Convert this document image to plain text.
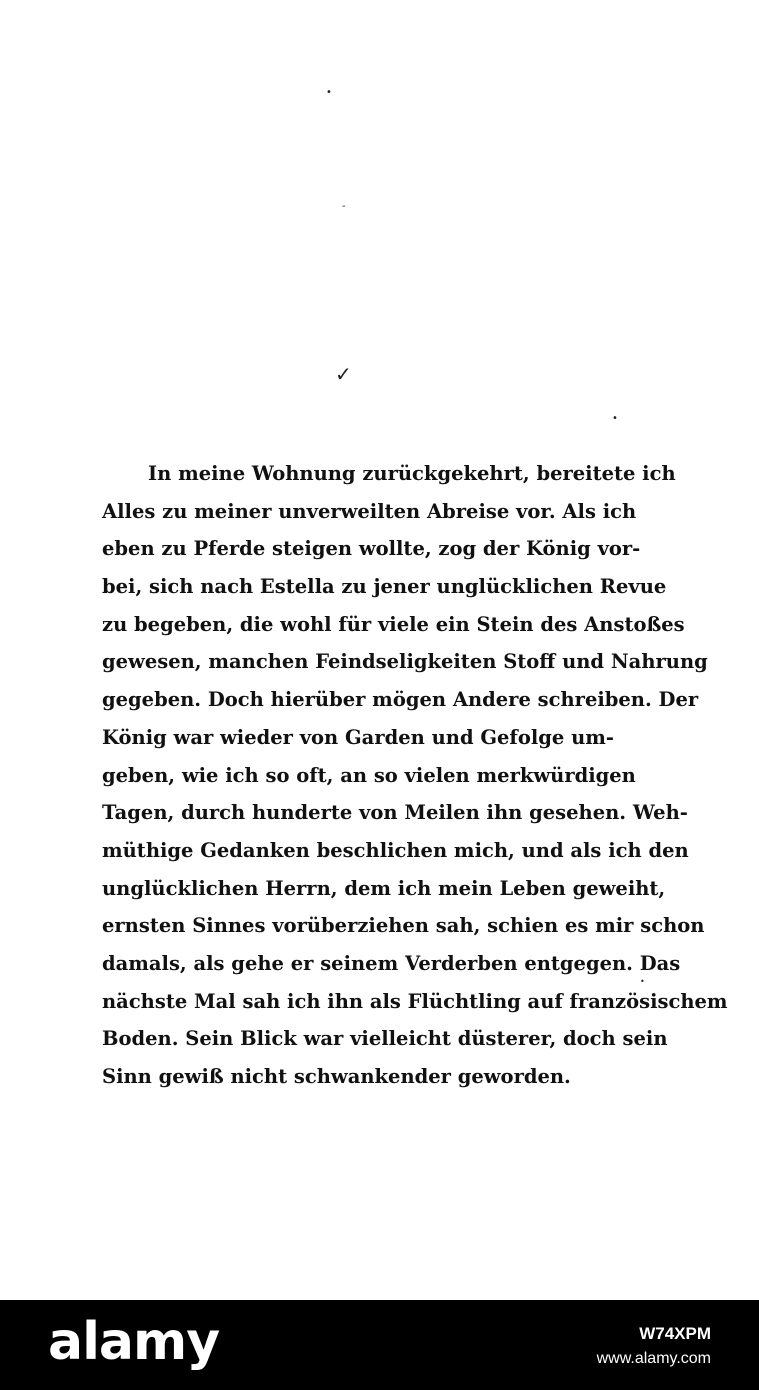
•
‑
✓
•
•
In meine Wohnung zurückgekehrt, bereitete ich
Alles zu meiner unverweilten Abreise vor. Als ich
eben zu Pferde steigen wollte, zog der König vor-
bei, sich nach Estella zu jener unglücklichen Revue
zu begeben, die wohl für viele ein Stein des Anstoßes
gewesen, manchen Feindseligkeiten Stoff und Nahrung
gegeben. Doch hierüber mögen Andere schreiben. Der
König war wieder von Garden und Gefolge um-
geben, wie ich so oft, an so vielen merkwürdigen
Tagen, durch hunderte von Meilen ihn gesehen. Weh-
müthige Gedanken beschlichen mich, und als ich den
unglücklichen Herrn, dem ich mein Leben geweiht,
ernsten Sinnes vorüberziehen sah, schien es mir schon
damals, als gehe er seinem Verderben entgegen. Das
nächste Mal sah ich ihn als Flüchtling auf französischem
Boden. Sein Blick war vielleicht düsterer, doch sein
Sinn gewiß nicht schwankender geworden.
alamy	W74XPM
www.alamy.com
